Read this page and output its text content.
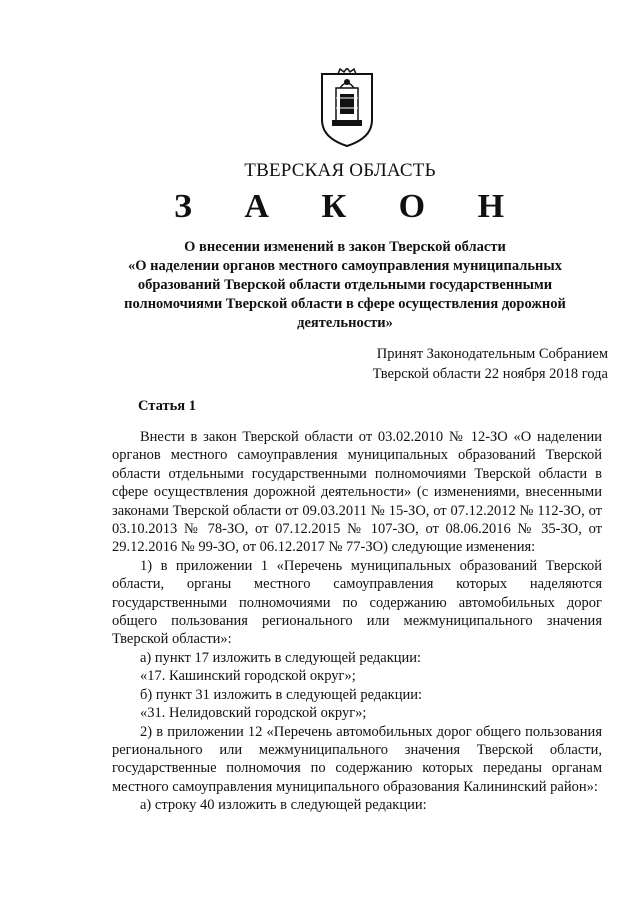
ТВЕРСКАЯ ОБЛАСТЬ
З А К О Н
О внесении изменений в закон Тверской области
«О наделении органов местного самоуправления муниципальных
образований Тверской области отдельными государственными
полномочиями Тверской области в сфере осуществления дорожной
деятельности»
Принят Законодательным Собранием
Тверской области 22 ноября 2018 года
Статья 1

Внести в закон Тверской области от 03.02.2010 № 12-ЗО «О наделении органов местного самоуправления муниципальных образований Тверской области отдельными государственными полномочиями Тверской области в сфере осуществления дорожной деятельности» (с изменениями, внесенными законами Тверской области от 09.03.2011 № 15-ЗО, от 07.12.2012 № 112-ЗО, от 03.10.2013 № 78-ЗО, от 07.12.2015 № 107-ЗО, от 08.06.2016 № 35-ЗО, от 29.12.2016 № 99-ЗО, от 06.12.2017 № 77-ЗО) следующие изменения:

1) в приложении 1 «Перечень муниципальных образований Тверской области, органы местного самоуправления которых наделяются государственными полномочиями по содержанию автомобильных дорог общего пользования регионального или межмуниципального значения Тверской области»:

а) пункт 17 изложить в следующей редакции:

«17. Кашинский городской округ»;

б) пункт 31 изложить в следующей редакции:

«31. Нелидовский городской округ»;

2) в приложении 12 «Перечень автомобильных дорог общего пользования регионального или межмуниципального значения Тверской области, государственные полномочия по содержанию которых переданы органам местного самоуправления муниципального образования Калининский район»:

а) строку 40 изложить в следующей редакции:
